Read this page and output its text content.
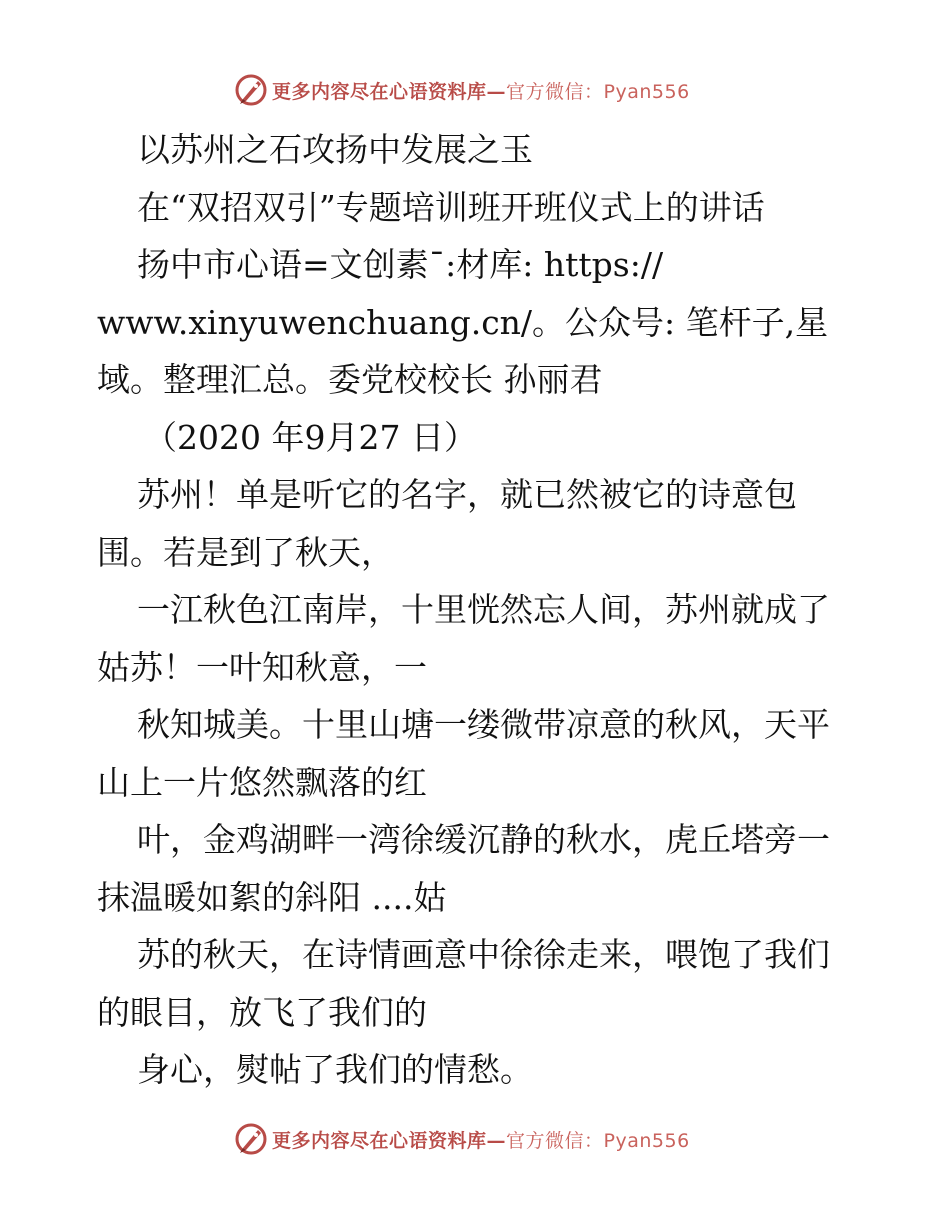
更多内容尽在心语资料库— 官方微信：Pyan556
以苏州之石攻扬中发展之玉
在“双招双引”专题培训班开班仪式上的讲话
扬中市心语=文创素¯:材库: https://
www.xinyuwenchuang.cn/。公众号: 笔杆子,星
域。整理汇总。委党校校长 孙丽君
（2020 年9月27 日）
苏州！单是听它的名字，就已然被它的诗意包
围。若是到了秋天，
一江秋色江南岸，十里恍然忘人间，苏州就成了
姑苏！一叶知秋意，一
秋知城美。十里山塘一缕微带凉意的秋风，天平
山上一片悠然飘落的红
叶，金鸡湖畔一湾徐缓沉静的秋水，虎丘塔旁一
抹温暖如絮的斜阳 ....姑
苏的秋天，在诗情画意中徐徐走来，喂饱了我们
的眼目，放飞了我们的
身心，熨帖了我们的情愁。
更多内容尽在心语资料库— 官方微信：Pyan556
